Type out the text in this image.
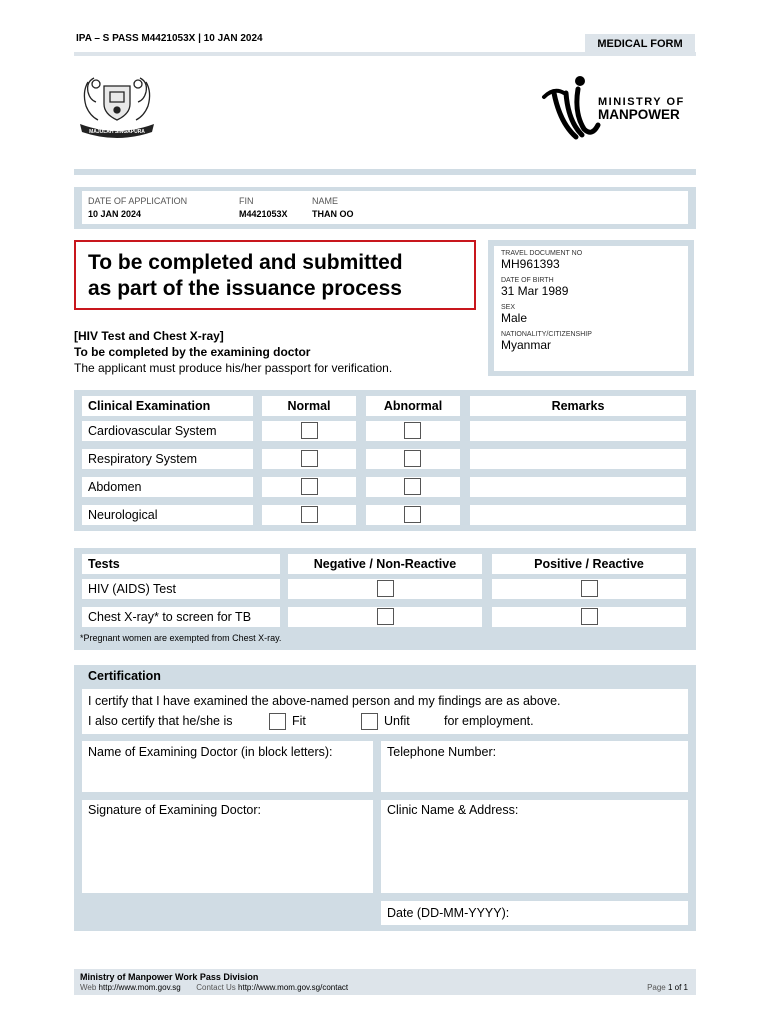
IPA – S PASS M4421053X | 10 JAN 2024	MEDICAL FORM
MAJULAH SINGAPURA
MINISTRY OF
MANPOWER
DATE OF APPLICATION
10 JAN 2024
FIN
M4421053X
NAME
THAN OO
To be completed and submitted
as part of the issuance process
TRAVEL DOCUMENT NO
MH961393
DATE OF BIRTH
31 Mar 1989
SEX
Male
NATIONALITY/CITIZENSHIP
Myanmar
[HIV Test and Chest X-ray]
To be completed by the examining doctor
The applicant must produce his/her passport for verification.
Clinical Examination	Normal	Abnormal	Remarks
Cardiovascular System
Respiratory System
Abdomen
Neurological
Tests	Negative / Non-Reactive	Positive / Reactive
HIV (AIDS) Test
Chest X-ray* to screen for TB
*Pregnant women are exempted from Chest X-ray.
Certification
I certify that I have examined the above-named person and my findings are as above.
I also certify that he/she is	Fit	Unfit	for employment.
Name of Examining Doctor (in block letters):	Telephone Number:
Signature of Examining Doctor:	Clinic Name & Address:
Date (DD-MM-YYYY):
Ministry of Manpower Work Pass Division
Web http://www.mom.gov.sg Contact Us http://www.mom.gov.sg/contact	Page 1 of 1
